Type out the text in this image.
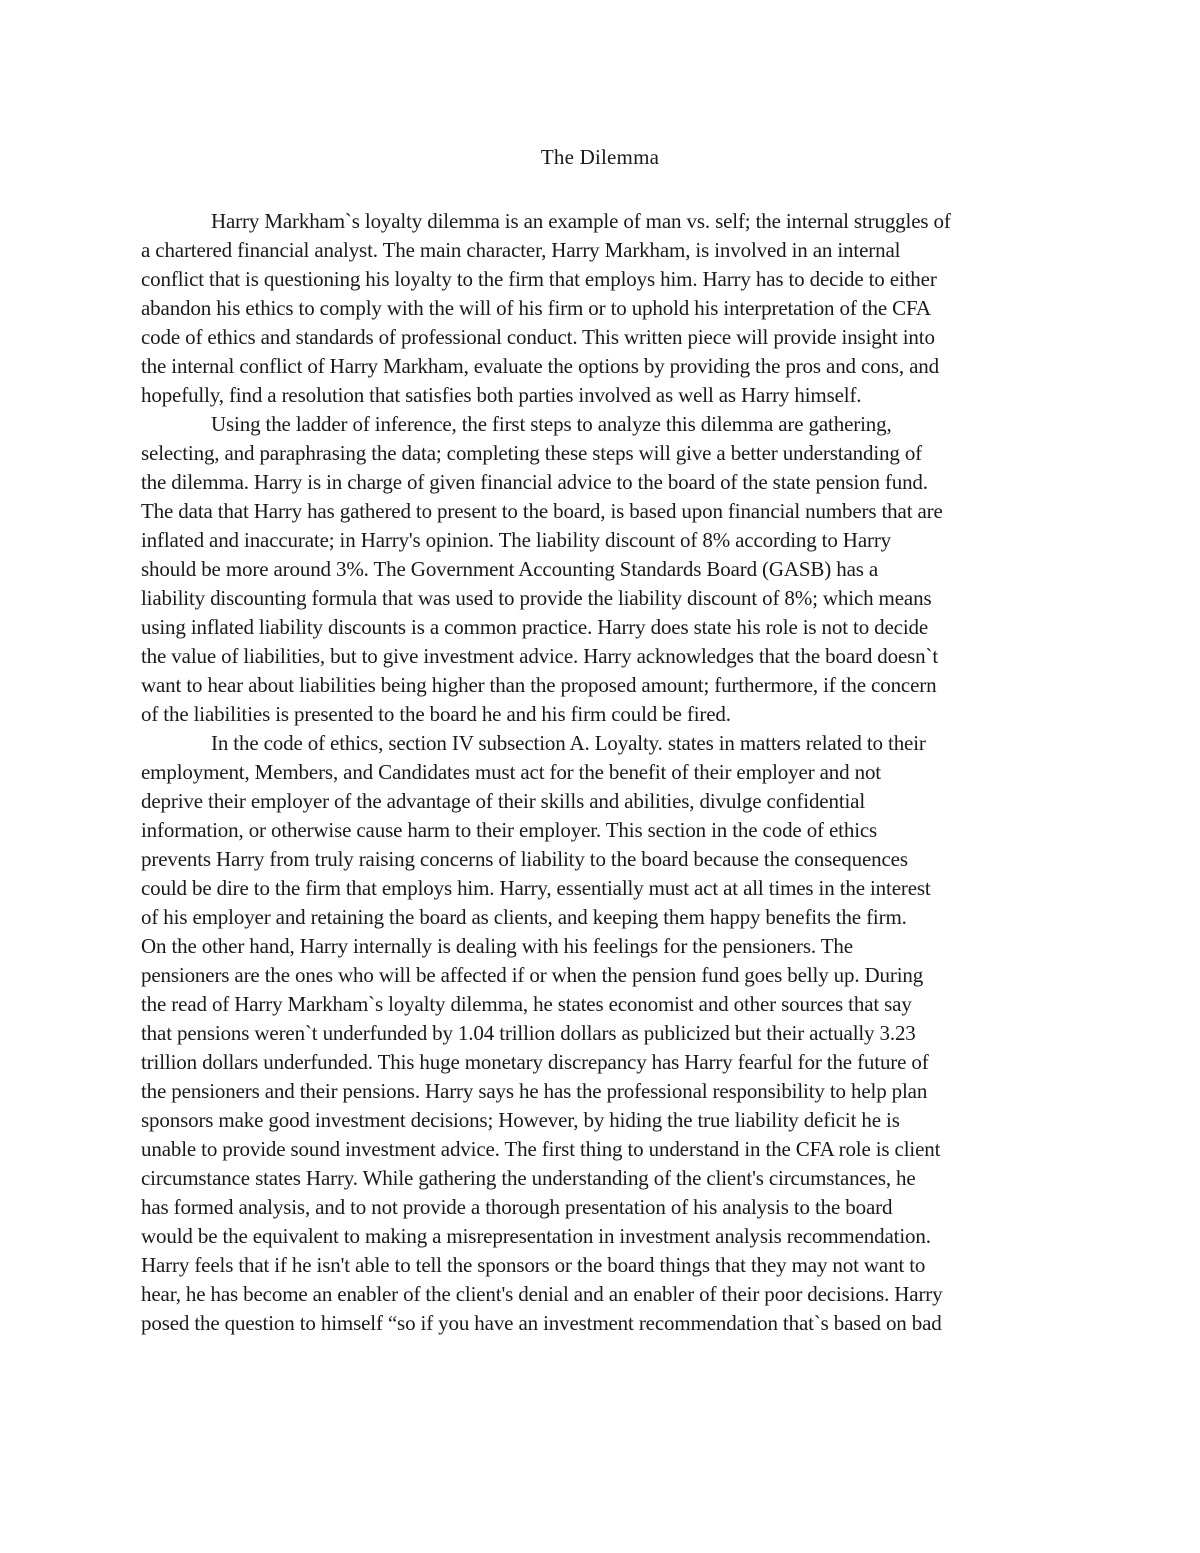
The Dilemma
Harry Markham`s loyalty dilemma is an example of man vs. self; the internal struggles of
a chartered financial analyst. The main character, Harry Markham, is involved in an internal
conflict that is questioning his loyalty to the firm that employs him. Harry has to decide to either
abandon his ethics to comply with the will of his firm or to uphold his interpretation of the CFA
code of ethics and standards of professional conduct. This written piece will provide insight into
the internal conflict of Harry Markham, evaluate the options by providing the pros and cons, and
hopefully, find a resolution that satisfies both parties involved as well as Harry himself.
Using the ladder of inference, the first steps to analyze this dilemma are gathering,
selecting, and paraphrasing the data; completing these steps will give a better understanding of
the dilemma. Harry is in charge of given financial advice to the board of the state pension fund.
The data that Harry has gathered to present to the board, is based upon financial numbers that are
inflated and inaccurate; in Harry's opinion. The liability discount of 8% according to Harry
should be more around 3%. The Government Accounting Standards Board (GASB) has a
liability discounting formula that was used to provide the liability discount of 8%; which means
using inflated liability discounts is a common practice. Harry does state his role is not to decide
the value of liabilities, but to give investment advice. Harry acknowledges that the board doesn`t
want to hear about liabilities being higher than the proposed amount; furthermore, if the concern
of the liabilities is presented to the board he and his firm could be fired.
In the code of ethics, section IV subsection A. Loyalty. states in matters related to their
employment, Members, and Candidates must act for the benefit of their employer and not
deprive their employer of the advantage of their skills and abilities, divulge confidential
information, or otherwise cause harm to their employer. This section in the code of ethics
prevents Harry from truly raising concerns of liability to the board because the consequences
could be dire to the firm that employs him. Harry, essentially must act at all times in the interest
of his employer and retaining the board as clients, and keeping them happy benefits the firm.
On the other hand, Harry internally is dealing with his feelings for the pensioners. The
pensioners are the ones who will be affected if or when the pension fund goes belly up. During
the read of Harry Markham`s loyalty dilemma, he states economist and other sources that say
that pensions weren`t underfunded by 1.04 trillion dollars as publicized but their actually 3.23
trillion dollars underfunded. This huge monetary discrepancy has Harry fearful for the future of
the pensioners and their pensions. Harry says he has the professional responsibility to help plan
sponsors make good investment decisions; However, by hiding the true liability deficit he is
unable to provide sound investment advice. The first thing to understand in the CFA role is client
circumstance states Harry. While gathering the understanding of the client's circumstances, he
has formed analysis, and to not provide a thorough presentation of his analysis to the board
would be the equivalent to making a misrepresentation in investment analysis recommendation.
Harry feels that if he isn't able to tell the sponsors or the board things that they may not want to
hear, he has become an enabler of the client's denial and an enabler of their poor decisions. Harry
posed the question to himself “so if you have an investment recommendation that`s based on bad
